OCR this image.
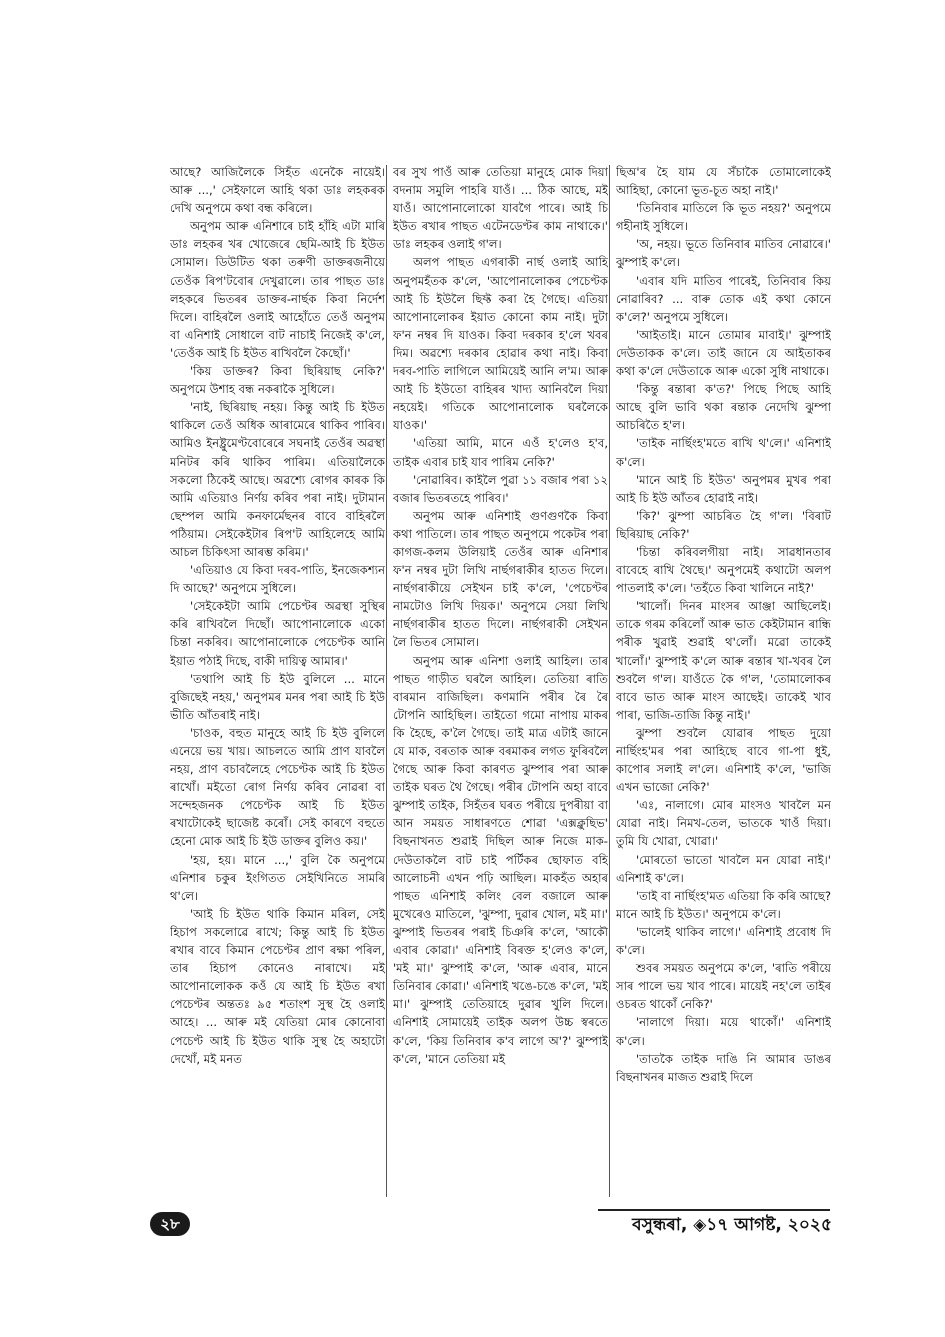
আছে? আজিলৈকে সিহঁত এনেকৈ নায়েই। আৰু ...,' সেইফালে আহি থকা ডাঃ লহকৰক দেখি অনুপমে কথা বন্ধ কৰিলে।

অনুপম আৰু এনিশাৰে চাই হাঁহি এটা মাৰি ডাঃ লহকৰ খৰ খোজেৰে ছেমি-আই চি ইউত সোমাল। ডিউটিত থকা তৰুণী ডাক্তৰজনীয়ে তেওঁক ৰিপ'টবোৰ দেখুৱালে। তাৰ পাছত ডাঃ লহকৰে ভিতৰৰ ডাক্তৰ-নাৰ্ছক কিবা নিৰ্দেশ দিলে। বাহিৰলৈ ওলাই আহোঁতে তেওঁ অনুপম বা এনিশাই সোধালে বাট নাচাই নিজেই ক'লে, 'তেওঁক আই চি ইউত ৰাখিবলৈ কৈছোঁ।'

'কিয় ডাক্তৰ? কিবা ছিৰিয়াছ নেকি?' অনুপমে উশাহ বন্ধ নকৰাকৈ সুধিলে।

'নাই, ছিৰিয়াছ নহয়। কিন্তু আই চি ইউত থাকিলে তেওঁ অধিক আৰামেৰে থাকিব পাৰিব। আমিও ইনষ্ট্ৰুমেণ্টবোৰেৰে সঘনাই তেওঁৰ অৱস্থা মনিটৰ কৰি থাকিব পাৰিম। এতিয়ালৈকে সকলো ঠিকেই আছে। অৱশ্যে ৰোগৰ কাৰক কি আমি এতিয়াও নিৰ্ণয় কৰিব পৰা নাই। দুটামান ছেম্পল আমি কনফাৰ্মেছনৰ বাবে বাহিৰলৈ পঠিয়াম। সেইকেইটাৰ ৰিপ'ট আহিলেহে আমি আচল চিকিৎসা আৰম্ভ কৰিম।'

'এতিয়াও যে কিবা দৰব-পাতি, ইনজেকশ্যন দি আছে?' অনুপমে সুধিলে।

'সেইকেইটা আমি পেচেণ্টৰ অৱস্থা সুস্থিৰ কৰি ৰাখিবলৈ দিছোঁ। আপোনালোকে একো চিন্তা নকৰিব। আপোনালোকে পেচেণ্টক আনি ইয়াত পঠাই দিছে, বাকী দায়িত্ব আমাৰ।'

'তথাপি আই চি ইউ বুলিলে ... মানে বুজিছেই নহয়,' অনুপমৰ মনৰ পৰা আই চি ইউ ভীতি আঁতৰাই নাই।

'চাওক, বহুত মানুহে আই চি ইউ বুলিলে এনেয়ে ভয় খায়। আচলতে আমি প্ৰাণ যাবলৈ নহয়, প্ৰাণ বচাবলৈহে পেচেণ্টক আই চি ইউত ৰাখোঁ। মইতো ৰোগ নিৰ্ণয় কৰিব নোৱৰা বা সন্দেহজনক পেচেণ্টক আই চি ইউত ৰখাটোকেই ছাজেষ্ট কৰোঁ। সেই কাৰণে বহুতে হেনো মোক আই চি ইউ ডাক্তৰ বুলিও কয়।'

'হয়, হয়। মানে ...,' বুলি কৈ অনুপমে এনিশাৰ চকুৰ ইংগিতত সেইখিনিতে সামৰি থ'লে।

'আই চি ইউত থাকি কিমান মৰিল, সেই হিচাপ সকলোৱে ৰাখে; কিন্তু আই চি ইউত ৰখাৰ বাবে কিমান পেচেণ্টৰ প্ৰাণ ৰক্ষা পৰিল, তাৰ হিচাপ কোনেও নাৰাখে। মই আপোনালোকক কওঁ যে আই চি ইউত ৰখা পেচেণ্টৰ অন্ততঃ ৯৫ শতাংশ সুস্থ হৈ ওলাই আহে। ... আৰু মই যেতিয়া মোৰ কোনোবা পেচেণ্ট আই চি ইউত থাকি সুস্থ হৈ অহাটো দেখোঁ, মই মনত

বৰ সুখ পাওঁ আৰু তেতিয়া মানুহে মোক দিয়া বদনাম সমুলি পাহৰি যাওঁ। ... ঠিক আছে, মই যাওঁ। আপোনালোকো যাবগৈ পাৰে। আই চি ইউত ৰখাৰ পাছত এটেনডেণ্টৰ কাম নাথাকে।' ডাঃ লহকৰ ওলাই গ'ল।

অলপ পাছত এগৰাকী নাৰ্ছ ওলাই আহি অনুপমহঁতক ক'লে, 'আপোনালোকৰ পেচেণ্টক আই চি ইউলৈ ছিফ্ট কৰা হৈ গৈছে। এতিয়া আপোনালোকৰ ইয়াত কোনো কাম নাই। দুটা ফ'ন নম্বৰ দি যাওক। কিবা দৰকাৰ হ'লে খবৰ দিম। অৱশ্যে দৰকাৰ হোৱাৰ কথা নাই। কিবা দৰব-পাতি লাগিলে আমিয়েই আনি ল'ম। আৰু আই চি ইউতো বাহিৰৰ খাদ্য আনিবলৈ দিয়া নহয়েই। গতিকে আপোনালোক ঘৰলৈকে যাওক।'

'এতিয়া আমি, মানে এওঁ হ'লেও হ'ব, তাইক এবাৰ চাই যাব পাৰিম নেকি?'

'নোৱাৰিব। কাইলৈ পুৱা ১১ বজাৰ পৰা ১২ বজাৰ ভিতৰতহে পাৰিব।'

অনুপম আৰু এনিশাই গুণগুণকৈ কিবা কথা পাতিলে। তাৰ পাছত অনুপমে পকেটৰ পৰা কাগজ-কলম উলিয়াই তেওঁৰ আৰু এনিশাৰ ফ'ন নম্বৰ দুটা লিখি নাৰ্ছগৰাকীৰ হাতত দিলে। নাৰ্ছগৰাকীয়ে সেইখন চাই ক'লে, 'পেচেণ্টৰ নামটোও লিখি দিয়ক।' অনুপমে সেয়া লিখি নাৰ্ছগৰাকীৰ হাতত দিলে। নাৰ্ছগৰাকী সেইখন লৈ ভিতৰ সোমাল।

অনুপম আৰু এনিশা ওলাই আহিল। তাৰ পাছত গাড়ীত ঘৰলৈ আহিল। তেতিয়া ৰাতি বাৰমান বাজিছিল। কণমানি পৰীৰ ৰৈ ৰৈ টোপনি আহিছিল। তাইতো গমো নাপায় মাকৰ কি হৈছে, ক'লৈ গৈছে। তাই মাত্ৰ এটাই জানে যে মাক, বৰতাক আৰু বৰমাকৰ লগত ফুৰিবলৈ গৈছে আৰু কিবা কাৰণত ঝুম্পাৰ পৰা আৰু তাইক ঘৰত থৈ গৈছে। পৰীৰ টোপনি অহা বাবে ঝুম্পাই তাইক, সিহঁতৰ ঘৰত পৰীয়ে দুপৰীয়া বা আন সময়ত সাধাৰণতে শোৱা 'এক্সক্লুছিভ' বিছনাখনত শুৱাই দিছিল আৰু নিজে মাক-দেউতাকলৈ বাট চাই পৰ্টিকৰ ছোফাত বহি আলোচনী এখন পঢ়ি আছিল। মাকহঁত অহাৰ পাছত এনিশাই কলিং বেল বজালে আৰু মুখেৰেও মাতিলে, 'ঝুম্পা, দুৱাৰ খোল, মই মা।' ঝুম্পাই ভিতৰৰ পৰাই চিঞৰি ক'লে, 'আকৌ এবাৰ কোৱা।' এনিশাই বিৰক্ত হ'লেও ক'লে, 'মই মা।' ঝুম্পাই ক'লে, 'আৰু এবাৰ, মানে তিনিবাৰ কোৱা।' এনিশাই খঙে-চঙে ক'লে, 'মই মা।' ঝুম্পাই তেতিয়াহে দুৱাৰ খুলি দিলে। এনিশাই সোমায়েই তাইক অলপ উচ্চ স্বৰতে ক'লে, 'কিয় তিনিবাৰ ক'ব লাগে অ'?' ঝুম্পাই ক'লে, 'মানে তেতিয়া মই

ছিঅ'ৰ হৈ যাম যে সঁচাকৈ তোমালোকেই আহিছা, কোনো ভূত-চূত অহা নাই।'

'তিনিবাৰ মাতিলে কি ভূত নহয়?' অনুপমে গহীনাই সুধিলে।

'অ, নহয়। ভূতে তিনিবাৰ মাতিব নোৱাৰে।' ঝুম্পাই ক'লে।

'এবাৰ যদি মাতিব পাৰেই, তিনিবাৰ কিয় নোৱাৰিব? ... বাৰু তোক এই কথা কোনে ক'লে?' অনুপমে সুধিলে।

'আইতাই। মানে তোমাৰ মাবাই।' ঝুম্পাই দেউতাকক ক'লে। তাই জানে যে আইতাকৰ কথা ক'লে দেউতাকে আৰু একো সুধি নাথাকে।

'কিন্তু ৰন্তাৰা ক'ত?' পিছে পিছে আহি আছে বুলি ভাবি থকা ৰন্তাক নেদেখি ঝুম্পা আচৰিতৈ হ'ল।

'তাইক নাৰ্ছিংহ'মতে ৰাখি থ'লে।' এনিশাই ক'লে।

'মানে আই চি ইউত' অনুপমৰ মুখৰ পৰা আই চি ইউ আঁতৰ হোৱাই নাই।

'কি?' ঝুম্পা আচৰিত হৈ গ'ল। 'বিৰাট ছিৰিয়াছ নেকি?'

'চিন্তা কৰিবলগীয়া নাই। সাৱধানতাৰ বাবেহে ৰাখি থৈছে।' অনুপমেই কথাটো অলপ পাতলাই ক'লে। 'তহঁতে কিবা খালিনে নাই?'

'খালোঁ। দিনৰ মাংসৰ আঞ্জা আছিলেই। তাকে গৰম কৰিলোঁ আৰু ভাত কেইটামান ৰান্ধি পৰীক খুৱাই শুৱাই থ'লোঁ। মৱো তাকেই খালোঁ।' ঝুম্পাই ক'লে আৰু ৰন্তাৰ খা-খবৰ লৈ শুবলৈ গ'ল। যাওঁতে কৈ গ'ল, 'তোমালোকৰ বাবে ভাত আৰু মাংস আছেই। তাকেই খাব পাৰা, ভাজি-তাজি কিন্তু নাই।'

ঝুম্পা শুবলৈ যোৱাৰ পাছত দুয়ো নাৰ্ছিংহ'মৰ পৰা আহিছে বাবে গা-পা ধুই, কাপোৰ সলাই ল'লে। এনিশাই ক'লে, 'ভাজি এখন ভাজো নেকি?'

'এঃ, নালাগে। মোৰ মাংসও খাবলৈ মন যোৱা নাই। নিমখ-তেল, ভাতকে খাওঁ দিয়া। তুমি যি খোৱা, খোৱা।'

'মোৰতো ভাতো খাবলৈ মন যোৱা নাই।' এনিশাই ক'লে।

'তাই বা নাৰ্ছিংহ'মত এতিয়া কি কৰি আছে? মানে আই চি ইউত।' অনুপমে ক'লে।

'ভালেই থাকিব লাগে।' এনিশাই প্ৰবোধ দি ক'লে।

শুবৰ সময়ত অনুপমে ক'লে, 'ৰাতি পৰীয়ে সাৰ পালে ভয় খাব পাৰে। মায়েই নহ'লে তাইৰ ওচৰত থাকোঁ নেকি?'

'নালাগে দিয়া। ময়ে থাকোঁ।' এনিশাই ক'লে।

'তাতকৈ তাইক দাঙি নি আমাৰ ডাঙৰ বিছনাখনৰ মাজত শুৱাই দিলে

২৮	বসুন্ধৰা, ◈১৭ আগষ্ট, ২০২৫
